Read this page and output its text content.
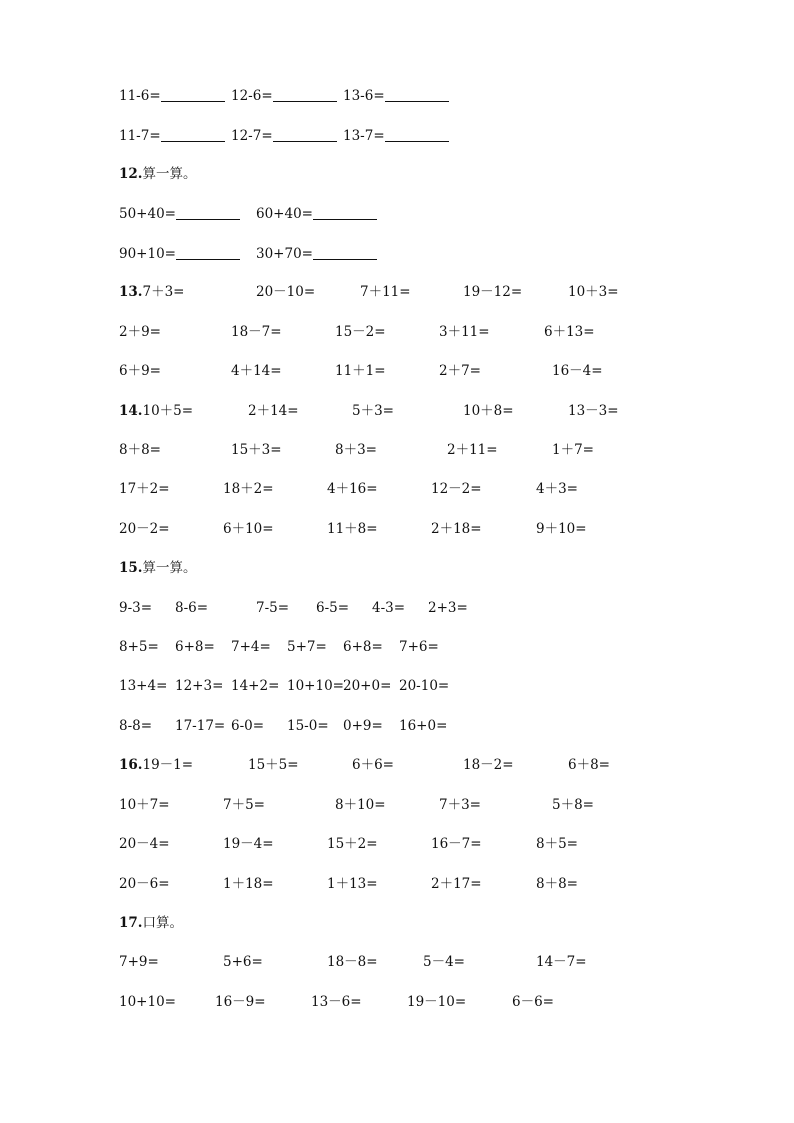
11-6=	12-6=	13-6=
11-7=	12-7=	13-7=
12.算一算。
50+40=	60+40=
90+10=	30+70=
13.7＋3=	20－10=	7＋11=	19－12=	10＋3=
2＋9=	18－7=	15－2=	3＋11=	6＋13=
6＋9=	4＋14=	11＋1=	2＋7=	16－4=
14.10＋5=	2＋14=	5＋3=	10＋8=	13－3=
8＋8=	15＋3=	8＋3=	2＋11=	1＋7=
17＋2=	18＋2=	4＋16=	12－2=	4＋3=
20－2=	6＋10=	11＋8=	2＋18=	9＋10=
15.算一算。
9-3= 8-6=	7-5= 6-5= 4-3= 2+3=
8+5= 6+8= 7+4= 5+7= 6+8= 7+6=
13+4= 12+3= 14+2= 10+10= 20+0= 20-10=
8-8= 17-17= 6-0= 15-0= 0+9= 16+0=
16.19－1=	15＋5=	6＋6=	18－2=	6＋8=
10＋7=	7＋5=	8＋10=	7＋3=	5＋8=
20－4=	19－4=	15＋2=	16－7=	8＋5=
20－6=	1＋18=	1＋13=	2＋17=	8＋8=
17.口算。
7+9=	5+6=	18－8=	5－4=	14－7=
10+10=	16－9=	13－6=	19－10=	6－6=
